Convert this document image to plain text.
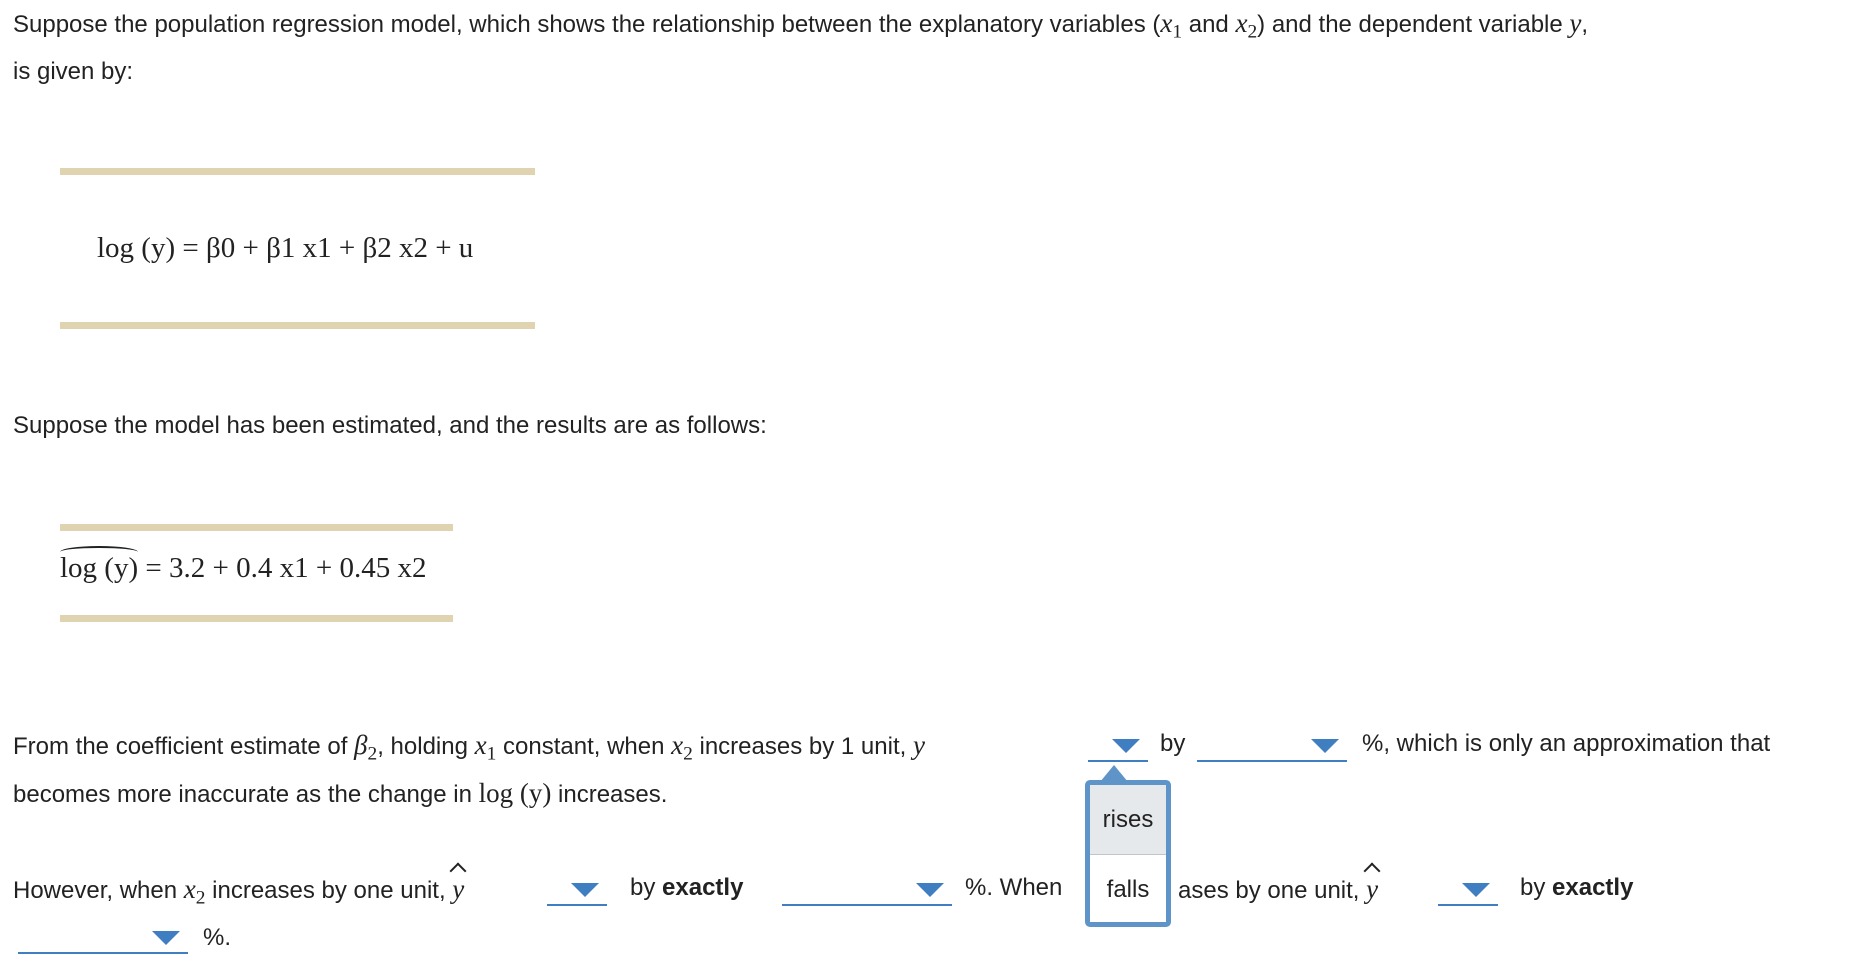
Suppose the population regression model, which shows the relationship between the explanatory variables ($x_1$ and $x_2$) and the dependent variable y,
is given by:
log (y) = β0 + β1 x1 + β2 x2 + u
Suppose the model has been estimated, and the results are as follows:
log (y) = 3.2 + 0.4 x1 + 0.45 x2
From the coefficient estimate of $\beta_2$, holding $x_1$ constant, when $x_2$ increases by 1 unit, y	by	%, which is only an approximation that
becomes more inaccurate as the change in log (y) increases.
However, when $x_2$ increases by one unit, y	by exactly	%. When	ases by one unit, y	by exactly
%.
rises
falls
